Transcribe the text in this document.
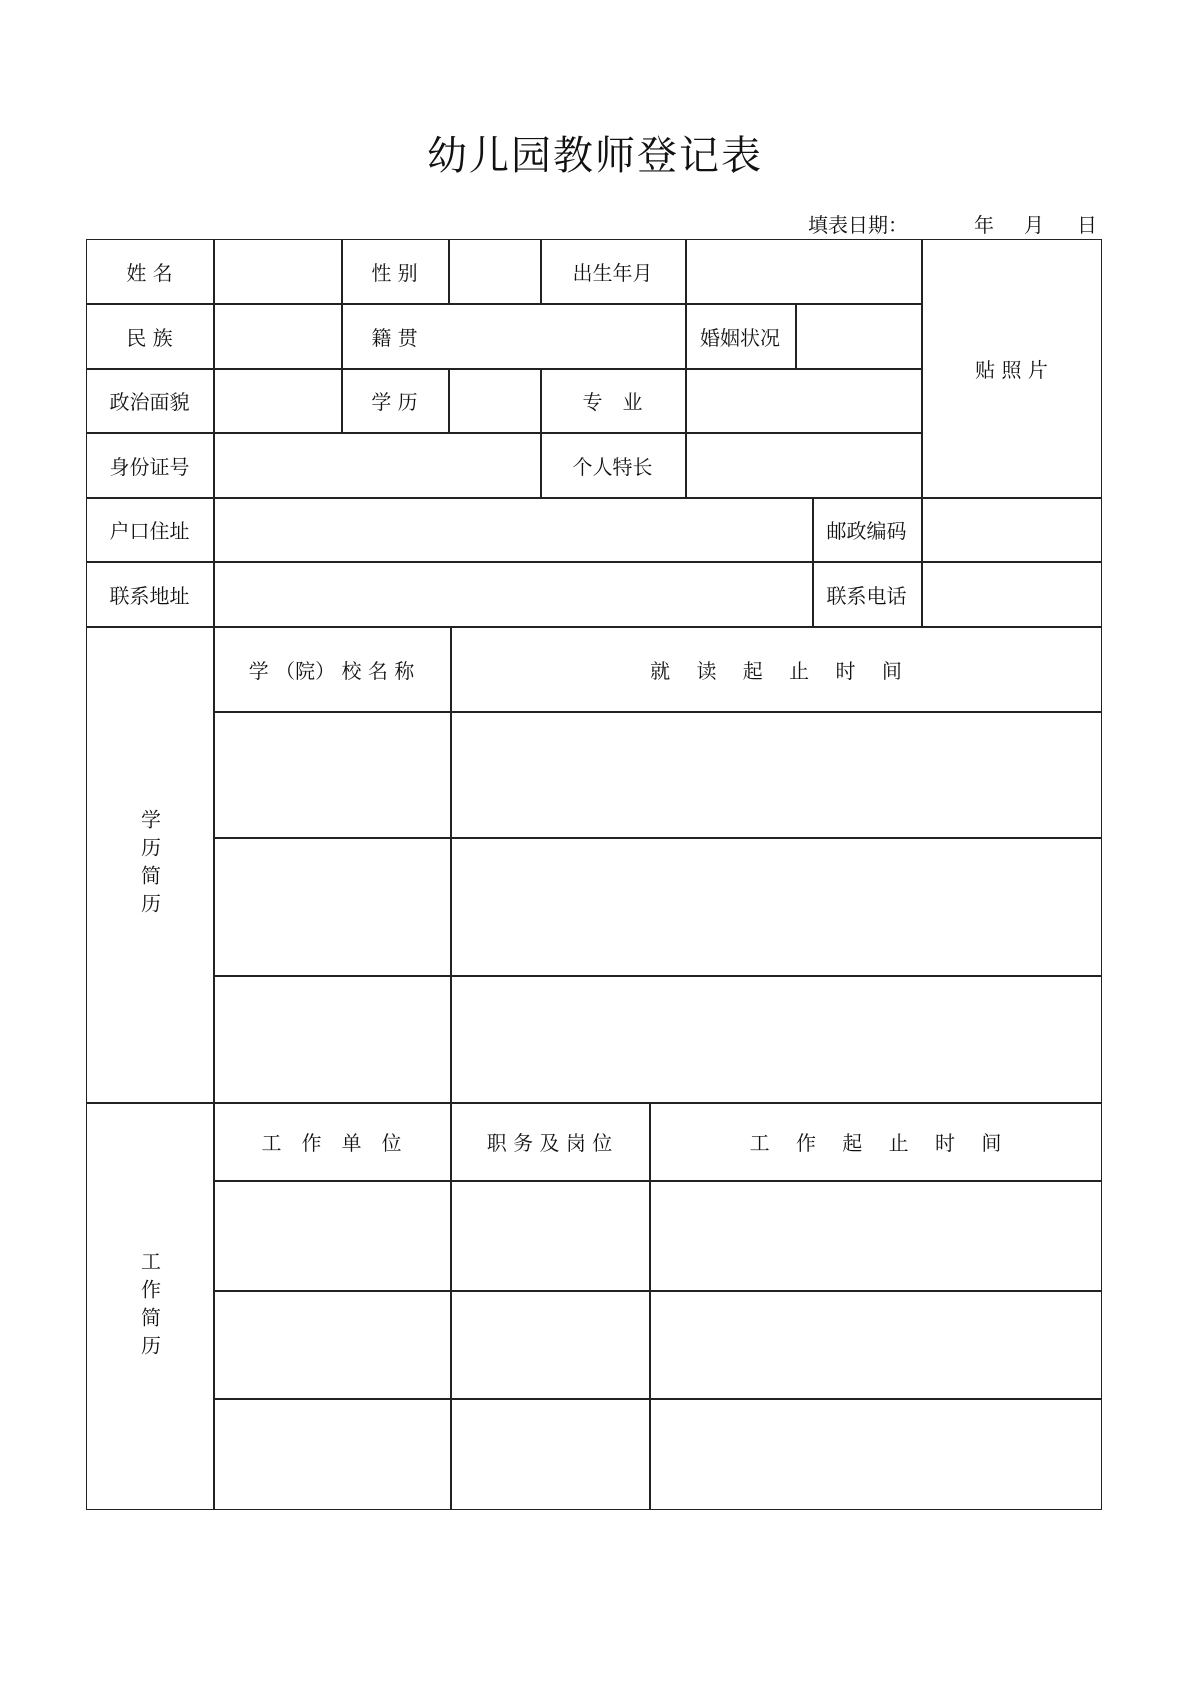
幼儿园教师登记表
填表日期：	年 月 日
姓 名	性 别	出生年月
贴 照 片
民 族	籍 贯	婚姻状况
政治面貌	学 历	专　业
身份证号	个人特长
户口住址	邮政编码
联系地址	联系电话
学历简历
学 （院） 校 名 称	就　 读　 起　 止　 时　 间
工作简历
工　作　单　位	职 务 及 岗 位	工　 作　 起　 止　 时　 间
